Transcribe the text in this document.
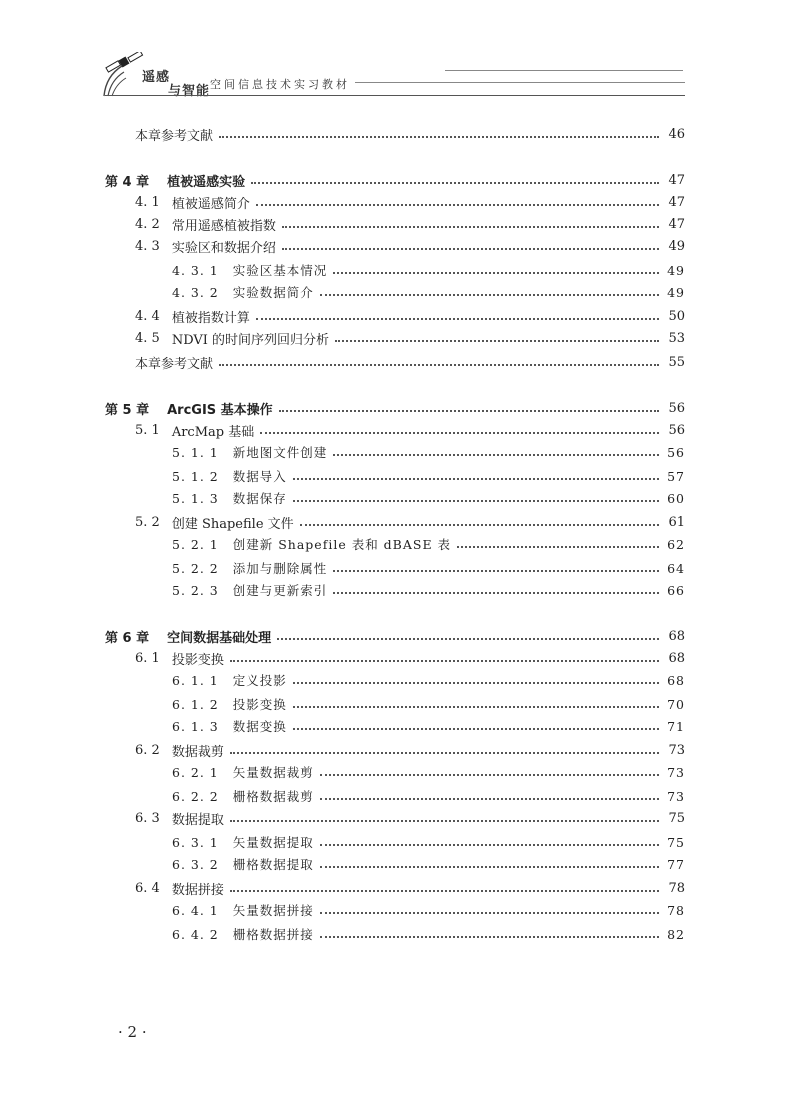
遥感
与智能 空间信息技术实习教材
本章参考文献	46
第 4 章 植被遥感实验	47
4. 1 植被遥感简介	47
4. 2 常用遥感植被指数	47
4. 3 实验区和数据介绍	49
4. 3. 1 实验区基本情况	49
4. 3. 2 实验数据简介	49
4. 4 植被指数计算	50
4. 5 NDVI 的时间序列回归分析	53
本章参考文献	55
第 5 章 ArcGIS 基本操作	56
5. 1 ArcMap 基础	56
5. 1. 1 新地图文件创建	56
5. 1. 2 数据导入	57
5. 1. 3 数据保存	60
5. 2 创建 Shapefile 文件	61
5. 2. 1 创建新 Shapefile 表和 dBASE 表	62
5. 2. 2 添加与删除属性	64
5. 2. 3 创建与更新索引	66
第 6 章 空间数据基础处理	68
6. 1 投影变换	68
6. 1. 1 定义投影	68
6. 1. 2 投影变换	70
6. 1. 3 数据变换	71
6. 2 数据裁剪	73
6. 2. 1 矢量数据裁剪	73
6. 2. 2 栅格数据裁剪	73
6. 3 数据提取	75
6. 3. 1 矢量数据提取	75
6. 3. 2 栅格数据提取	77
6. 4 数据拼接	78
6. 4. 1 矢量数据拼接	78
6. 4. 2 栅格数据拼接	82
· 2 ·
